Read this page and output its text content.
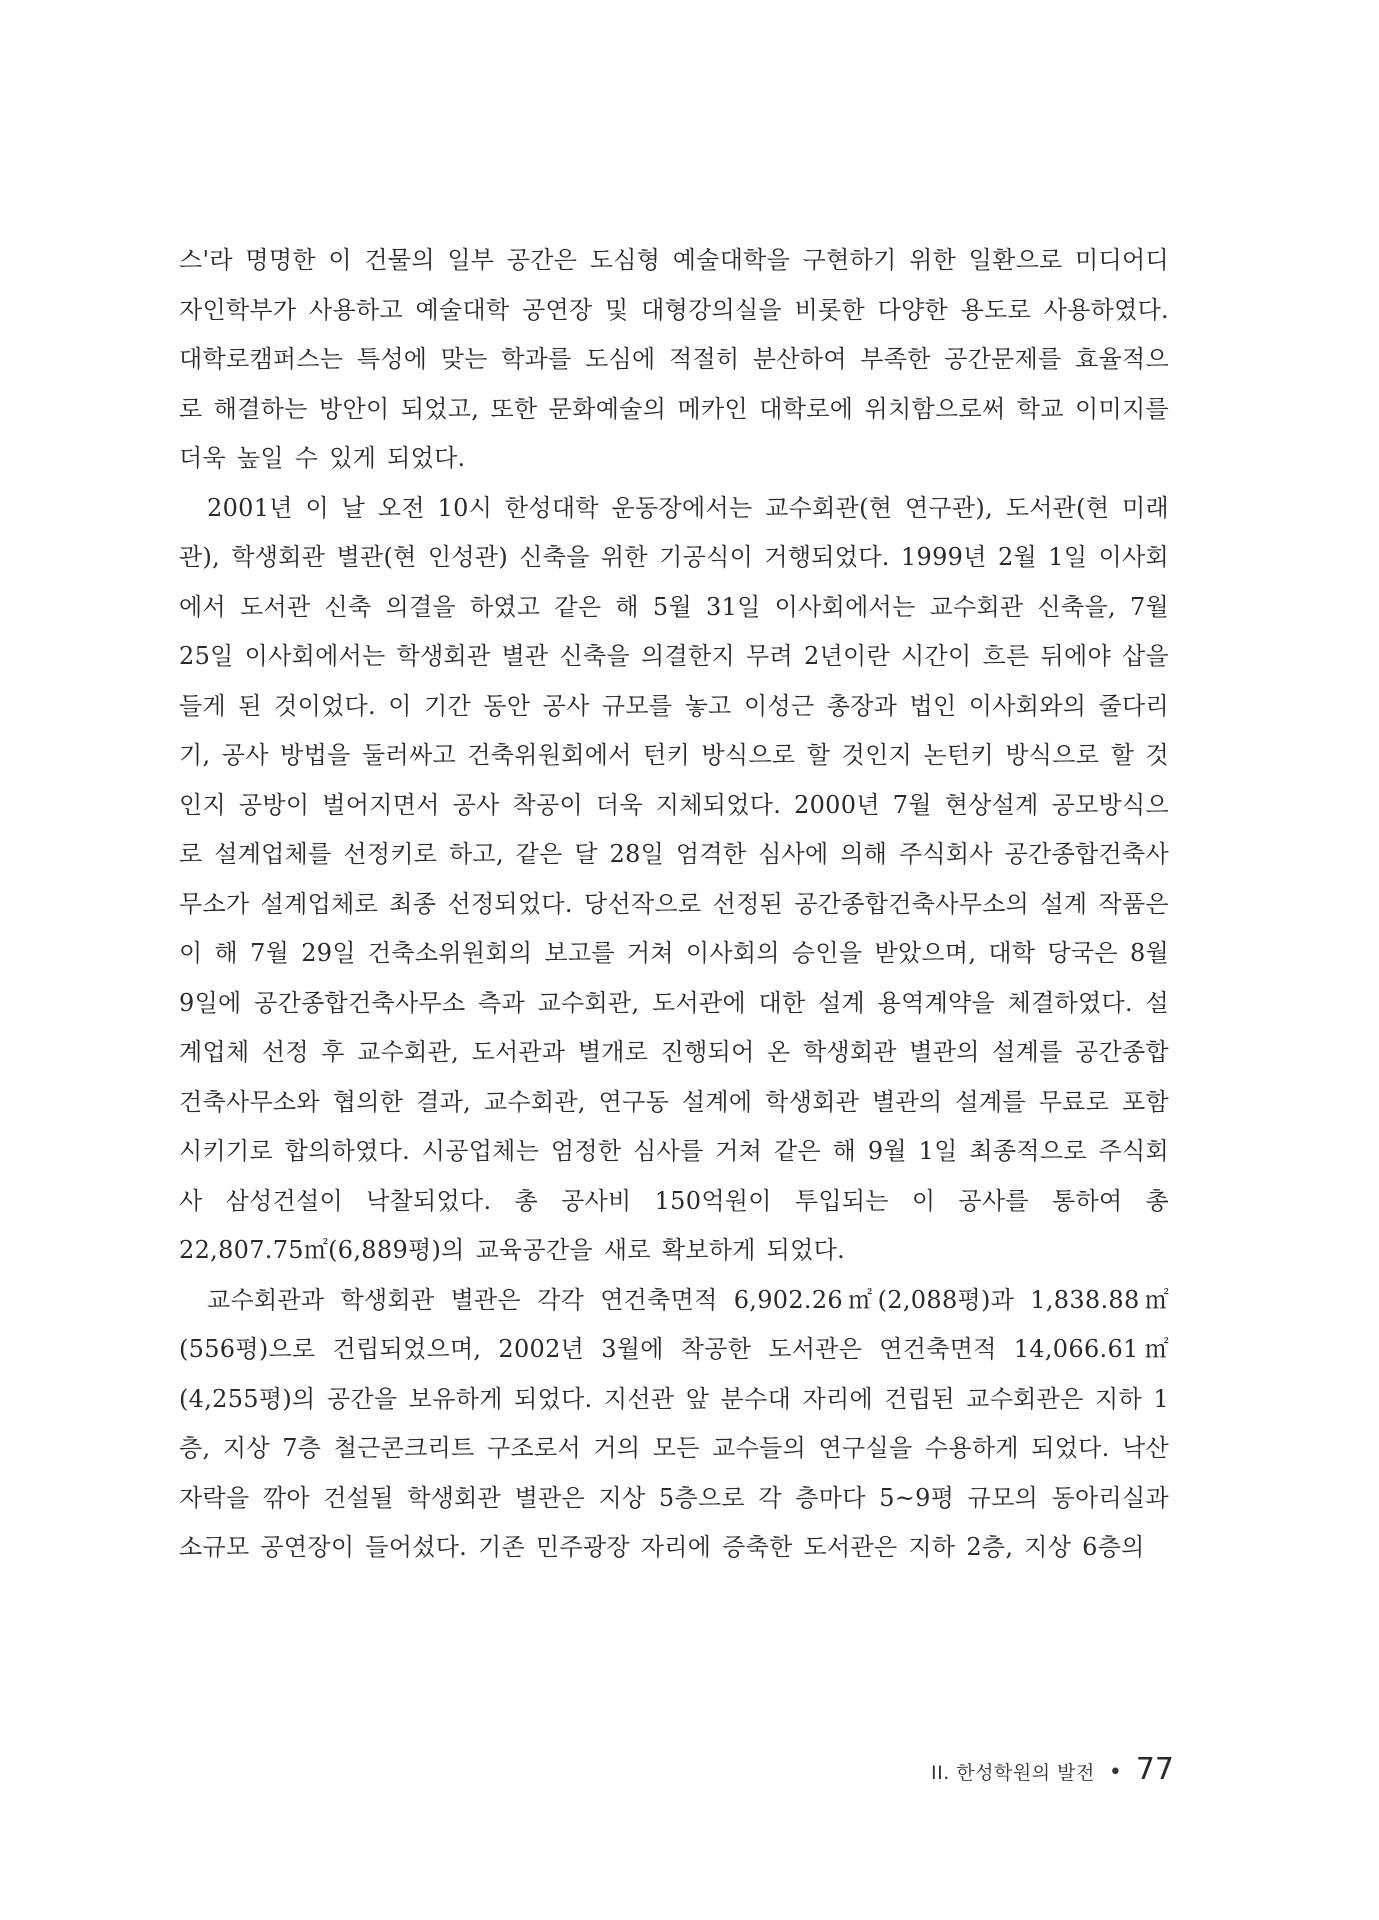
스'라 명명한 이 건물의 일부 공간은 도심형 예술대학을 구현하기 위한 일환으로 미디어디자인학부가 사용하고 예술대학 공연장 및 대형강의실을 비롯한 다양한 용도로 사용하였다. 대학로캠퍼스는 특성에 맞는 학과를 도심에 적절히 분산하여 부족한 공간문제를 효율적으로 해결하는 방안이 되었고, 또한 문화예술의 메카인 대학로에 위치함으로써 학교 이미지를 더욱 높일 수 있게 되었다.

2001년 이 날 오전 10시 한성대학 운동장에서는 교수회관(현 연구관), 도서관(현 미래관), 학생회관 별관(현 인성관) 신축을 위한 기공식이 거행되었다. 1999년 2월 1일 이사회에서 도서관 신축 의결을 하였고 같은 해 5월 31일 이사회에서는 교수회관 신축을, 7월 25일 이사회에서는 학생회관 별관 신축을 의결한지 무려 2년이란 시간이 흐른 뒤에야 삽을 들게 된 것이었다. 이 기간 동안 공사 규모를 놓고 이성근 총장과 법인 이사회와의 줄다리기, 공사 방법을 둘러싸고 건축위원회에서 턴키 방식으로 할 것인지 논턴키 방식으로 할 것인지 공방이 벌어지면서 공사 착공이 더욱 지체되었다. 2000년 7월 현상설계 공모방식으로 설계업체를 선정키로 하고, 같은 달 28일 엄격한 심사에 의해 주식회사 공간종합건축사무소가 설계업체로 최종 선정되었다. 당선작으로 선정된 공간종합건축사무소의 설계 작품은 이 해 7월 29일 건축소위원회의 보고를 거쳐 이사회의 승인을 받았으며, 대학 당국은 8월 9일에 공간종합건축사무소 측과 교수회관, 도서관에 대한 설계 용역계약을 체결하였다. 설계업체 선정 후 교수회관, 도서관과 별개로 진행되어 온 학생회관 별관의 설계를 공간종합건축사무소와 협의한 결과, 교수회관, 연구동 설계에 학생회관 별관의 설계를 무료로 포함시키기로 합의하였다. 시공업체는 엄정한 심사를 거쳐 같은 해 9월 1일 최종적으로 주식회사 삼성건설이 낙찰되었다. 총 공사비 150억원이 투입되는 이 공사를 통하여 총 22,807.75㎡(6,889평)의 교육공간을 새로 확보하게 되었다.

교수회관과 학생회관 별관은 각각 연건축면적 6,902.26㎡(2,088평)과 1,838.88㎡(556평)으로 건립되었으며, 2002년 3월에 착공한 도서관은 연건축면적 14,066.61㎡(4,255평)의 공간을 보유하게 되었다. 지선관 앞 분수대 자리에 건립된 교수회관은 지하 1층, 지상 7층 철근콘크리트 구조로서 거의 모든 교수들의 연구실을 수용하게 되었다. 낙산 자락을 깎아 건설될 학생회관 별관은 지상 5층으로 각 층마다 5~9평 규모의 동아리실과 소규모 공연장이 들어섰다. 기존 민주광장 자리에 증축한 도서관은 지하 2층, 지상 6층의

II. 한성학원의 발전 • 77
